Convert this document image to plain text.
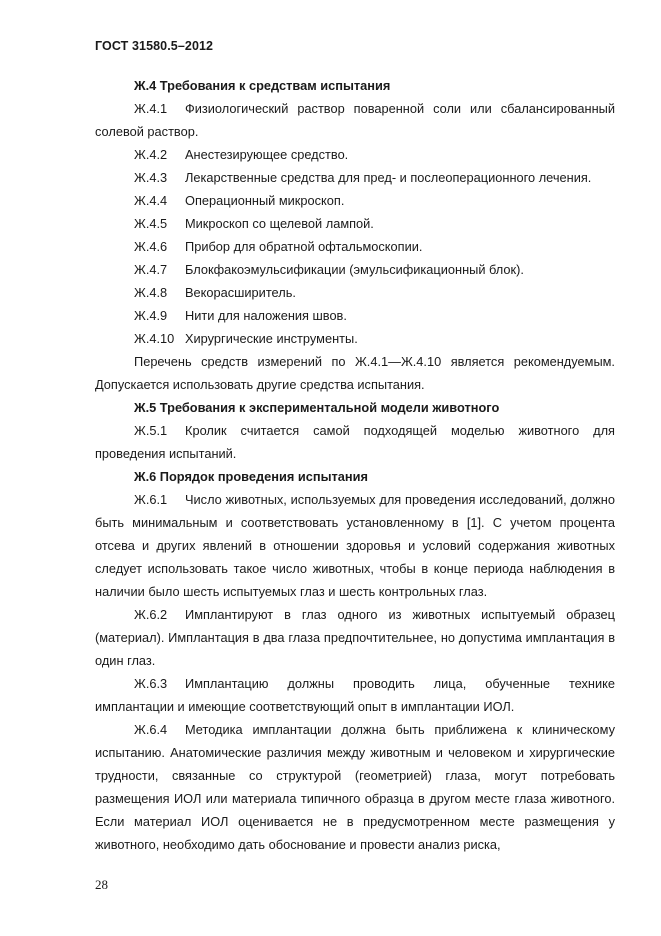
ГОСТ 31580.5–2012
Ж.4 Требования к средствам испытания
Ж.4.1 Физиологический раствор поваренной соли или сбалансированный солевой раствор.
Ж.4.2 Анестезирующее средство.
Ж.4.3 Лекарственные средства для пред- и послеоперационного лечения.
Ж.4.4 Операционный микроскоп.
Ж.4.5 Микроскоп со щелевой лампой.
Ж.4.6 Прибор для обратной офтальмоскопии.
Ж.4.7 Блокфакоэмульсификации (эмульсификационный блок).
Ж.4.8 Векорасширитель.
Ж.4.9 Нити для наложения швов.
Ж.4.10 Хирургические инструменты.
Перечень средств измерений по Ж.4.1—Ж.4.10 является рекомендуемым. Допускается использовать другие средства испытания.
Ж.5 Требования к экспериментальной модели животного
Ж.5.1 Кролик считается самой подходящей моделью животного для проведения испытаний.
Ж.6 Порядок проведения испытания
Ж.6.1 Число животных, используемых для проведения исследований, должно быть минимальным и соответствовать установленному в [1]. С учетом процента отсева и других явлений в отношении здоровья и условий содержания животных следует использовать такое число животных, чтобы в конце периода наблюдения в наличии было шесть испытуемых глаз и шесть контрольных глаз.
Ж.6.2 Имплантируют в глаз одного из животных испытуемый образец (материал). Имплантация в два глаза предпочтительнее, но допустима имплантация в один глаз.
Ж.6.3 Имплантацию должны проводить лица, обученные технике имплантации и имеющие соответствующий опыт в имплантации ИОЛ.
Ж.6.4 Методика имплантации должна быть приближена к клиническому испытанию. Анатомические различия между животным и человеком и хирургические трудности, связанные со структурой (геометрией) глаза, могут потребовать размещения ИОЛ или материала типичного образца в другом месте глаза животного. Если материал ИОЛ оценивается не в предусмотренном месте размещения у животного, необходимо дать обоснование и провести анализ риска,
28
